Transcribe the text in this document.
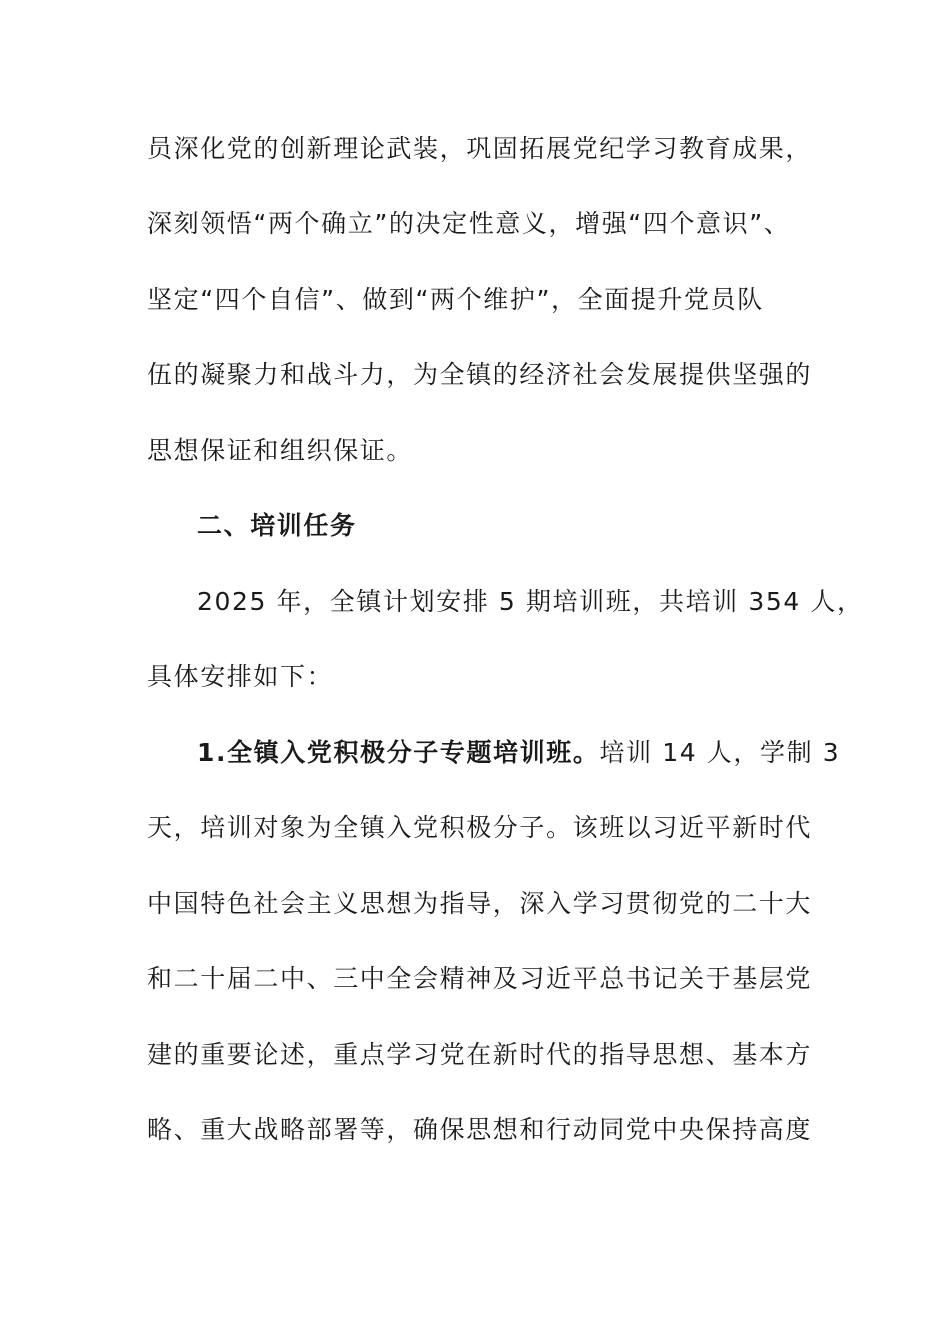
员深化党的创新理论武装，巩固拓展党纪学习教育成果，
深刻领悟“两个确立”的决定性意义，增强“四个意识”、
坚定“四个自信”、做到“两个维护”，全面提升党员队
伍的凝聚力和战斗力，为全镇的经济社会发展提供坚强的
思想保证和组织保证。
二、培训任务
2025 年，全镇计划安排 5 期培训班，共培训 354 人，
具体安排如下：
1.全镇入党积极分子专题培训班。培训 14 人，学制 3
天，培训对象为全镇入党积极分子。该班以习近平新时代
中国特色社会主义思想为指导，深入学习贯彻党的二十大
和二十届二中、三中全会精神及习近平总书记关于基层党
建的重要论述，重点学习党在新时代的指导思想、基本方
略、重大战略部署等，确保思想和行动同党中央保持高度
